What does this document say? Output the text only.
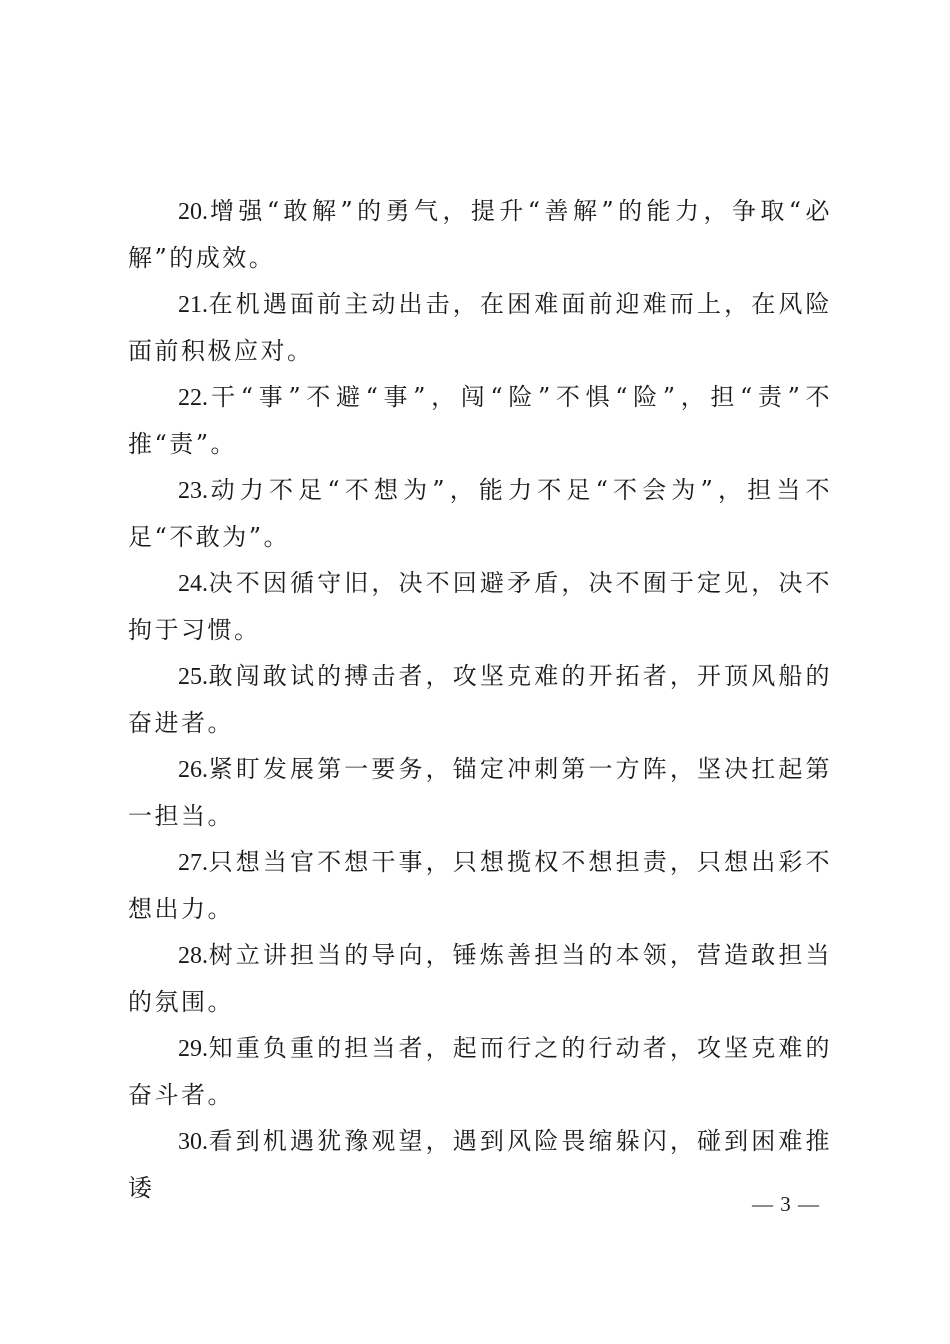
20.增强“敢解”的勇气，提升“善解”的能力，争取“必解”的成效。

21.在机遇面前主动出击，在困难面前迎难而上，在风险面前积极应对。

22.干“事”不避“事”，闯“险”不惧“险”，担“责”不推“责”。

23.动力不足“不想为”，能力不足“不会为”，担当不足“不敢为”。

24.决不因循守旧，决不回避矛盾，决不囿于定见，决不拘于习惯。

25.敢闯敢试的搏击者，攻坚克难的开拓者，开顶风船的奋进者。

26.紧盯发展第一要务，锚定冲刺第一方阵，坚决扛起第一担当。

27.只想当官不想干事，只想揽权不想担责，只想出彩不想出力。

28.树立讲担当的导向，锤炼善担当的本领，营造敢担当的氛围。

29.知重负重的担当者，起而行之的行动者，攻坚克难的奋斗者。

30.看到机遇犹豫观望，遇到风险畏缩躲闪，碰到困难推诿

— 3 —
